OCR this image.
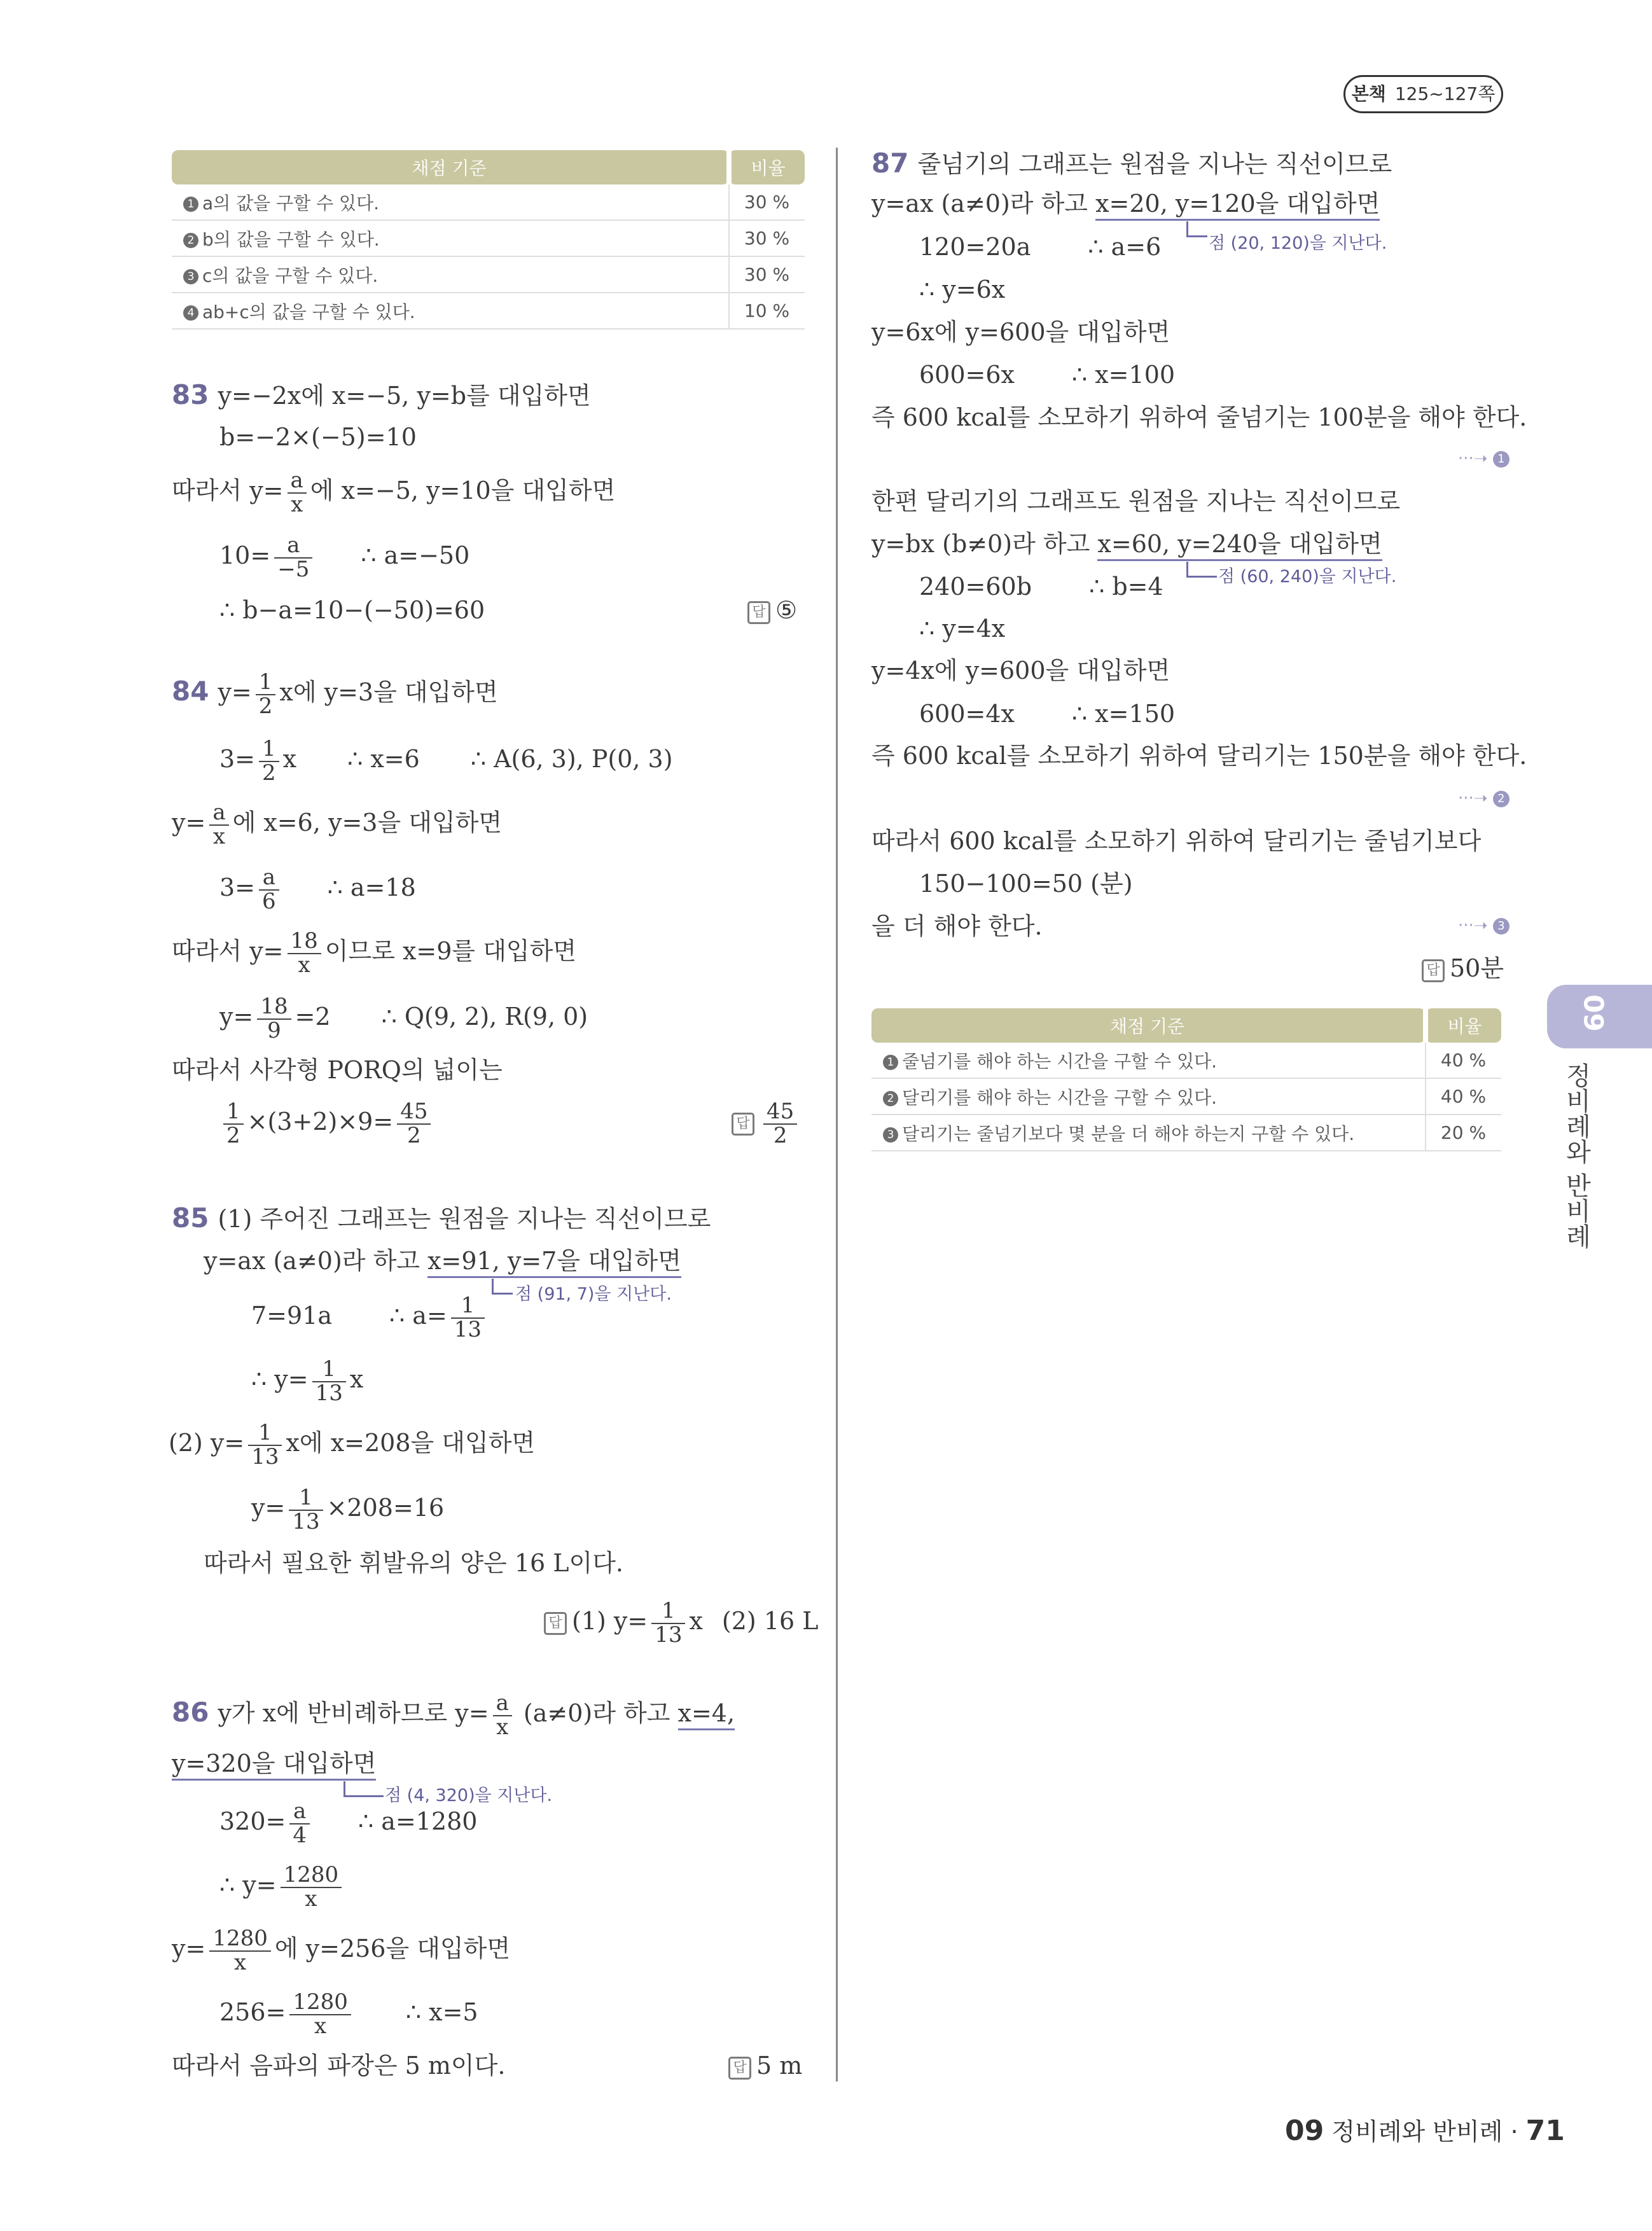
본책 125~127쪽
09
정비례와 반비례
채점 기준	비율
1 a의 값을 구할 수 있다.	30 %
2 b의 값을 구할 수 있다.	30 %
3 c의 값을 구할 수 있다.	30 %
4 ab+c의 값을 구할 수 있다.	10 %
83 y=−2x에 x=−5, y=b를 대입하면
b=−2×(−5)=10
따라서 $y= \frac{a}{x}$ 에 x=−5, y=10을 대입하면
$10= \frac{a}{-5}$ ∴ a=−50
∴ b−a=10−(−50)=60	답 ⑤
84 $y= \frac{1}{2}$ x에 y=3을 대입하면
$3= \frac{1}{2}$ x ∴ x=6 ∴ A(6, 3), P(0, 3)
$y= \frac{a}{x}$ 에 x=6, y=3을 대입하면
$3= \frac{a}{6}$ ∴ a=18
따라서 $y= \frac{18}{x}$ 이므로 x=9를 대입하면
$y= \frac{18}{9} =2$ ∴ Q(9, 2), R(9, 0)
따라서 사각형 PORQ의 넓이는
$\frac{1}{2} \times(3+2)\times 9= \frac{45}{2}$	답 $\frac{45}{2}$
85 (1) 주어진 그래프는 원점을 지나는 직선이므로
y=ax (a≠0)라 하고 x=91, y=7을 대입하면
점 (91, 7)을 지난다.
7=91a ∴ $a= \frac{1}{13}$
∴ $y= \frac{1}{13}$ x
(2) $y= \frac{1}{13}$ x에 x=208을 대입하면
$y= \frac{1}{13} \times 208=16$
따라서 필요한 휘발유의 양은 16 L이다.
답 (1) $y= \frac{1}{13}$ x (2) 16 L
86 y가 x에 반비례하므로 $y= \frac{a}{x} (a\ne 0)$라 하고 x=4,
y=320을 대입하면
점 (4, 320)을 지난다.
$320= \frac{a}{4}$ ∴ a=1280
∴ $y= \frac{1280}{x}$
$y= \frac{1280}{x}$ 에 y=256을 대입하면
$256= \frac{1280}{x}$ ∴ x=5
따라서 음파의 파장은 5 m이다.	답 5 m
87 줄넘기의 그래프는 원점을 지나는 직선이므로
y=ax (a≠0)라 하고 x=20, y=120을 대입하면
점 (20, 120)을 지난다.
120=20a ∴ a=6
∴ y=6x
y=6x에 y=600을 대입하면
600=6x ∴ x=100
즉 600 kcal를 소모하기 위하여 줄넘기는 100분을 해야 한다.
···➝ 1
한편 달리기의 그래프도 원점을 지나는 직선이므로
y=bx (b≠0)라 하고 x=60, y=240을 대입하면
점 (60, 240)을 지난다.
240=60b ∴ b=4
∴ y=4x
y=4x에 y=600을 대입하면
600=4x ∴ x=150
즉 600 kcal를 소모하기 위하여 달리기는 150분을 해야 한다.
···➝ 2
따라서 600 kcal를 소모하기 위하여 달리기는 줄넘기보다
150−100=50 (분)
을 더 해야 한다.	···➝ 3
답 50분
채점 기준	비율
1 줄넘기를 해야 하는 시간을 구할 수 있다.	40 %
2 달리기를 해야 하는 시간을 구할 수 있다.	40 %
3 달리기는 줄넘기보다 몇 분을 더 해야 하는지 구할 수 있다.	20 %
09 정비례와 반비례 · 71
